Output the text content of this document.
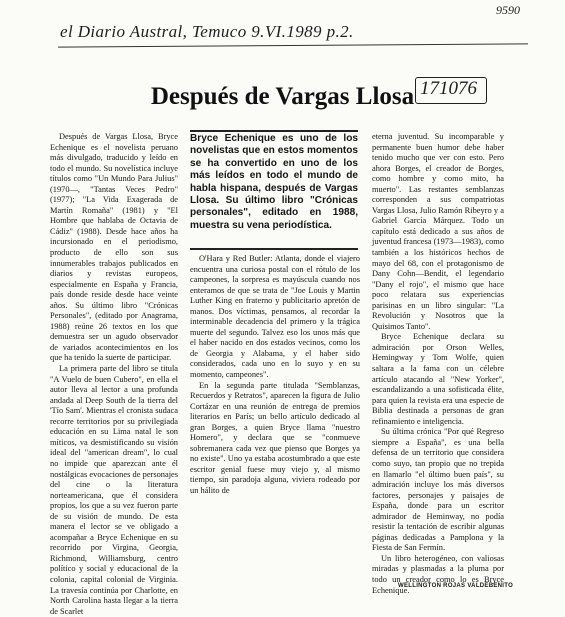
9590
el Diario Austral, Temuco 9.VI.1989 p.2.
171076
Después de Vargas Llosa

Después de Vargas Llosa, Bryce Echenique es el novelista peruano más divulgado, traducido y leído en todo el mundo. Su novelística incluye títulos como "Un Mundo Para Julius" (1970—, "Tantas Veces Pedro" (1977); "La Vida Exagerada de Martín Romaña" (1981) y "El Hombre que hablaba de Octavia de Cádiz" (1988). Desde hace años ha incursionado en el periodismo, producto de ello son sus innumerables trabajos publicados en diarios y revistas europeos, especialmente en España y Francia, país donde reside desde hace veinte años. Su último libro "Crónicas Personales", (editado por Anagrama, 1988) reúne 26 textos en los que demuestra ser un agudo observador de variados acontecimientos en los que ha tenido la suerte de participar.

La primera parte del libro se titula "A Vuelo de buen Cubero", en ella el autor lleva al lector a una profunda andada al Deep South de la tierra del 'Tío Sam'. Mientras el cronista sudaca recorre territorios por su privilegiada educación en su Lima natal le son míticos, va desmistificando su visión ideal del "american dream", lo cual no impide que aparezcan ante él nostálgicas evocaciones de personajes del cine o la literatura norteamericana, que él considera propios, los que a su vez fueron parte de su visión de mundo. De esta manera el lector se ve obligado a acompañar a Bryce Echenique en su recorrido por Virgina, Georgia, Richmond, Williamsburg, centro político y social y educacional de la colonia, capital colonial de Virginia. La travesía continúa por Charlotte, en North Carolina hasta llegar a la tierra de Scarlet

Bryce Echenique es uno de los novelistas que en estos momentos se ha convertido en uno de los más leídos en todo el mundo de habla hispana, después de Vargas Llosa. Su último libro "Crónicas personales", editado en 1988, muestra su vena periodística.

O'Hara y Red Butler: Atlanta, donde el viajero encuentra una curiosa postal con el rótulo de los campeones, la sorpresa es mayúscula cuando nos enteramos de que se trata de "Joe Louis y Martin Luther King en fraterno y publicitario apretón de manos. Dos víctimas, pensamos, al recordar la interminable decadencia del primero y la trágica muerte del segundo. Talvez eso los unos más que el haber nacido en dos estados vecinos, como los de Georgia y Alabama, y el haber sido considerados, cada uno en lo suyo y en su momento, campeones".

En la segunda parte titulada "Semblanzas, Recuerdos y Retratos", aparecen la figura de Julio Cortázar en una reunión de entrega de premios literarios en París; un bello artículo dedicado al gran Borges, a quien Bryce llama "nuestro Homero", y declara que se "conmueve sobremanera cada vez que pienso que Borges ya no existe". Uno ya estaba acostumbrado a que este escritor genial fuese muy viejo y, al mismo tiempo, sin paradoja alguna, viviera rodeado por un hálito de

eterna juventud. Su incomparable y permanente buen humor debe haber tenido mucho que ver con esto. Pero ahora Borges, el creador de Borges, como hombre y como mito, ha muerto". Las restantes semblanzas corresponden a sus compatriotas Vargas Llosa, Julio Ramón Ribeyro y a Gabriel García Márquez. Todo un capítulo está dedicado a sus años de juventud francesa (1973—1983), como también a los históricos hechos de mayo del 68, con el protagonismo de Dany Cohn—Bendit, el legendario "Dany el rojo", el mismo que hace poco relatara sus experiencias parisinas en un libro singular: "La Revolución y Nosotros que la Quisimos Tanto".

Bryce Echenique declara su admiración por Orson Welles, Hemingway y Tom Wolfe, quien saltara a la fama con un célebre artículo atacando al "New Yorker", escandalizando a una sofisticada élite, para quien la revista era una especie de Biblia destinada a personas de gran refinamiento e inteligencia.

Su última crónica "Por qué Regreso siempre a España", es una bella defensa de un territorio que considera como suyo, tan propio que no trepida en llamarlo "el último buen país", su admiración incluye los más diversos factores, personajes y paisajes de España, donde para un escritor admirador de Heminway, no podía resistir la tentación de escribir algunas páginas dedicadas a Pamplona y la Fiesta de San Fermín.

Un libro heterogéneo, con valiosas miradas y plasmadas a la pluma por todo un creador como lo es Bryce Echenique.

WELLINGTON ROJAS VALDEBENITO
